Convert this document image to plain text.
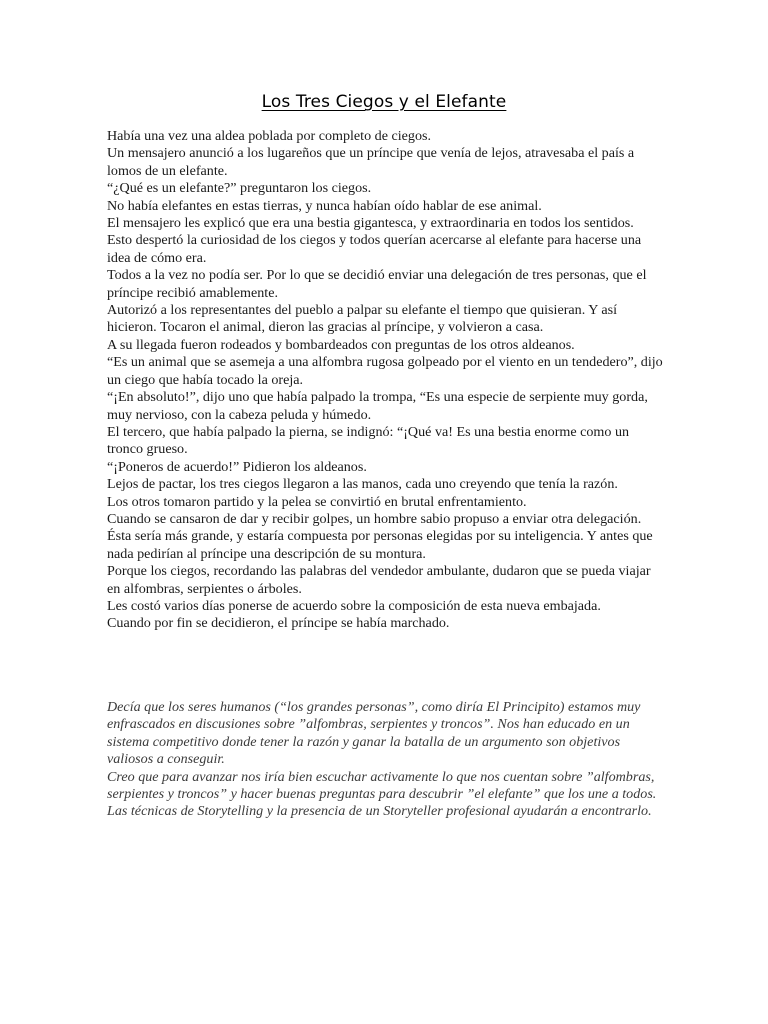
Los Tres Ciegos y el Elefante

Había una vez una aldea poblada por completo de ciegos.

Un mensajero anunció a los lugareños que un príncipe que venía de lejos, atravesaba el país a lomos de un elefante.

“¿Qué es un elefante?” preguntaron los ciegos.

No había elefantes en estas tierras, y nunca habían oído hablar de ese animal.

El mensajero les explicó que era una bestia gigantesca, y extraordinaria en todos los sentidos.

Esto despertó la curiosidad de los ciegos y todos querían acercarse al elefante para hacerse una idea de cómo era.

Todos a la vez no podía ser. Por lo que se decidió enviar una delegación de tres personas, que el príncipe recibió amablemente.

Autorizó a los representantes del pueblo a palpar su elefante el tiempo que quisieran. Y así hicieron. Tocaron el animal, dieron las gracias al príncipe, y volvieron a casa.

A su llegada fueron rodeados y bombardeados con preguntas de los otros aldeanos.

“Es un animal que se asemeja a una alfombra rugosa golpeado por el viento en un tendedero”, dijo un ciego que había tocado la oreja.

“¡En absoluto!”, dijo uno que había palpado la trompa, “Es una especie de serpiente muy gorda, muy nervioso, con la cabeza peluda y húmedo.

El tercero, que había palpado la pierna, se indignó: “¡Qué va! Es una bestia enorme como un tronco grueso.

“¡Poneros de acuerdo!” Pidieron los aldeanos.

Lejos de pactar, los tres ciegos llegaron a las manos, cada uno creyendo que tenía la razón.

Los otros tomaron partido y la pelea se convirtió en brutal enfrentamiento.

Cuando se cansaron de dar y recibir golpes, un hombre sabio propuso a enviar otra delegación. Ésta sería más grande, y estaría compuesta por personas elegidas por su inteligencia. Y antes que nada pedirían al príncipe una descripción de su montura.

Porque los ciegos, recordando las palabras del vendedor ambulante, dudaron que se pueda viajar en alfombras, serpientes o árboles.

Les costó varios días ponerse de acuerdo sobre la composición de esta nueva embajada.

Cuando por fin se decidieron, el príncipe se había marchado.

Decía que los seres humanos (“los grandes personas”, como diría El Principito) estamos muy enfrascados en discusiones sobre ”alfombras, serpientes y troncos”. Nos han educado en un sistema competitivo donde tener la razón y ganar la batalla de un argumento son objetivos valiosos a conseguir.

Creo que para avanzar nos iría bien escuchar activamente lo que nos cuentan sobre ”alfombras, serpientes y troncos” y hacer buenas preguntas para descubrir ”el elefante” que los une a todos.

Las técnicas de Storytelling y la presencia de un Storyteller profesional ayudarán a encontrarlo.
